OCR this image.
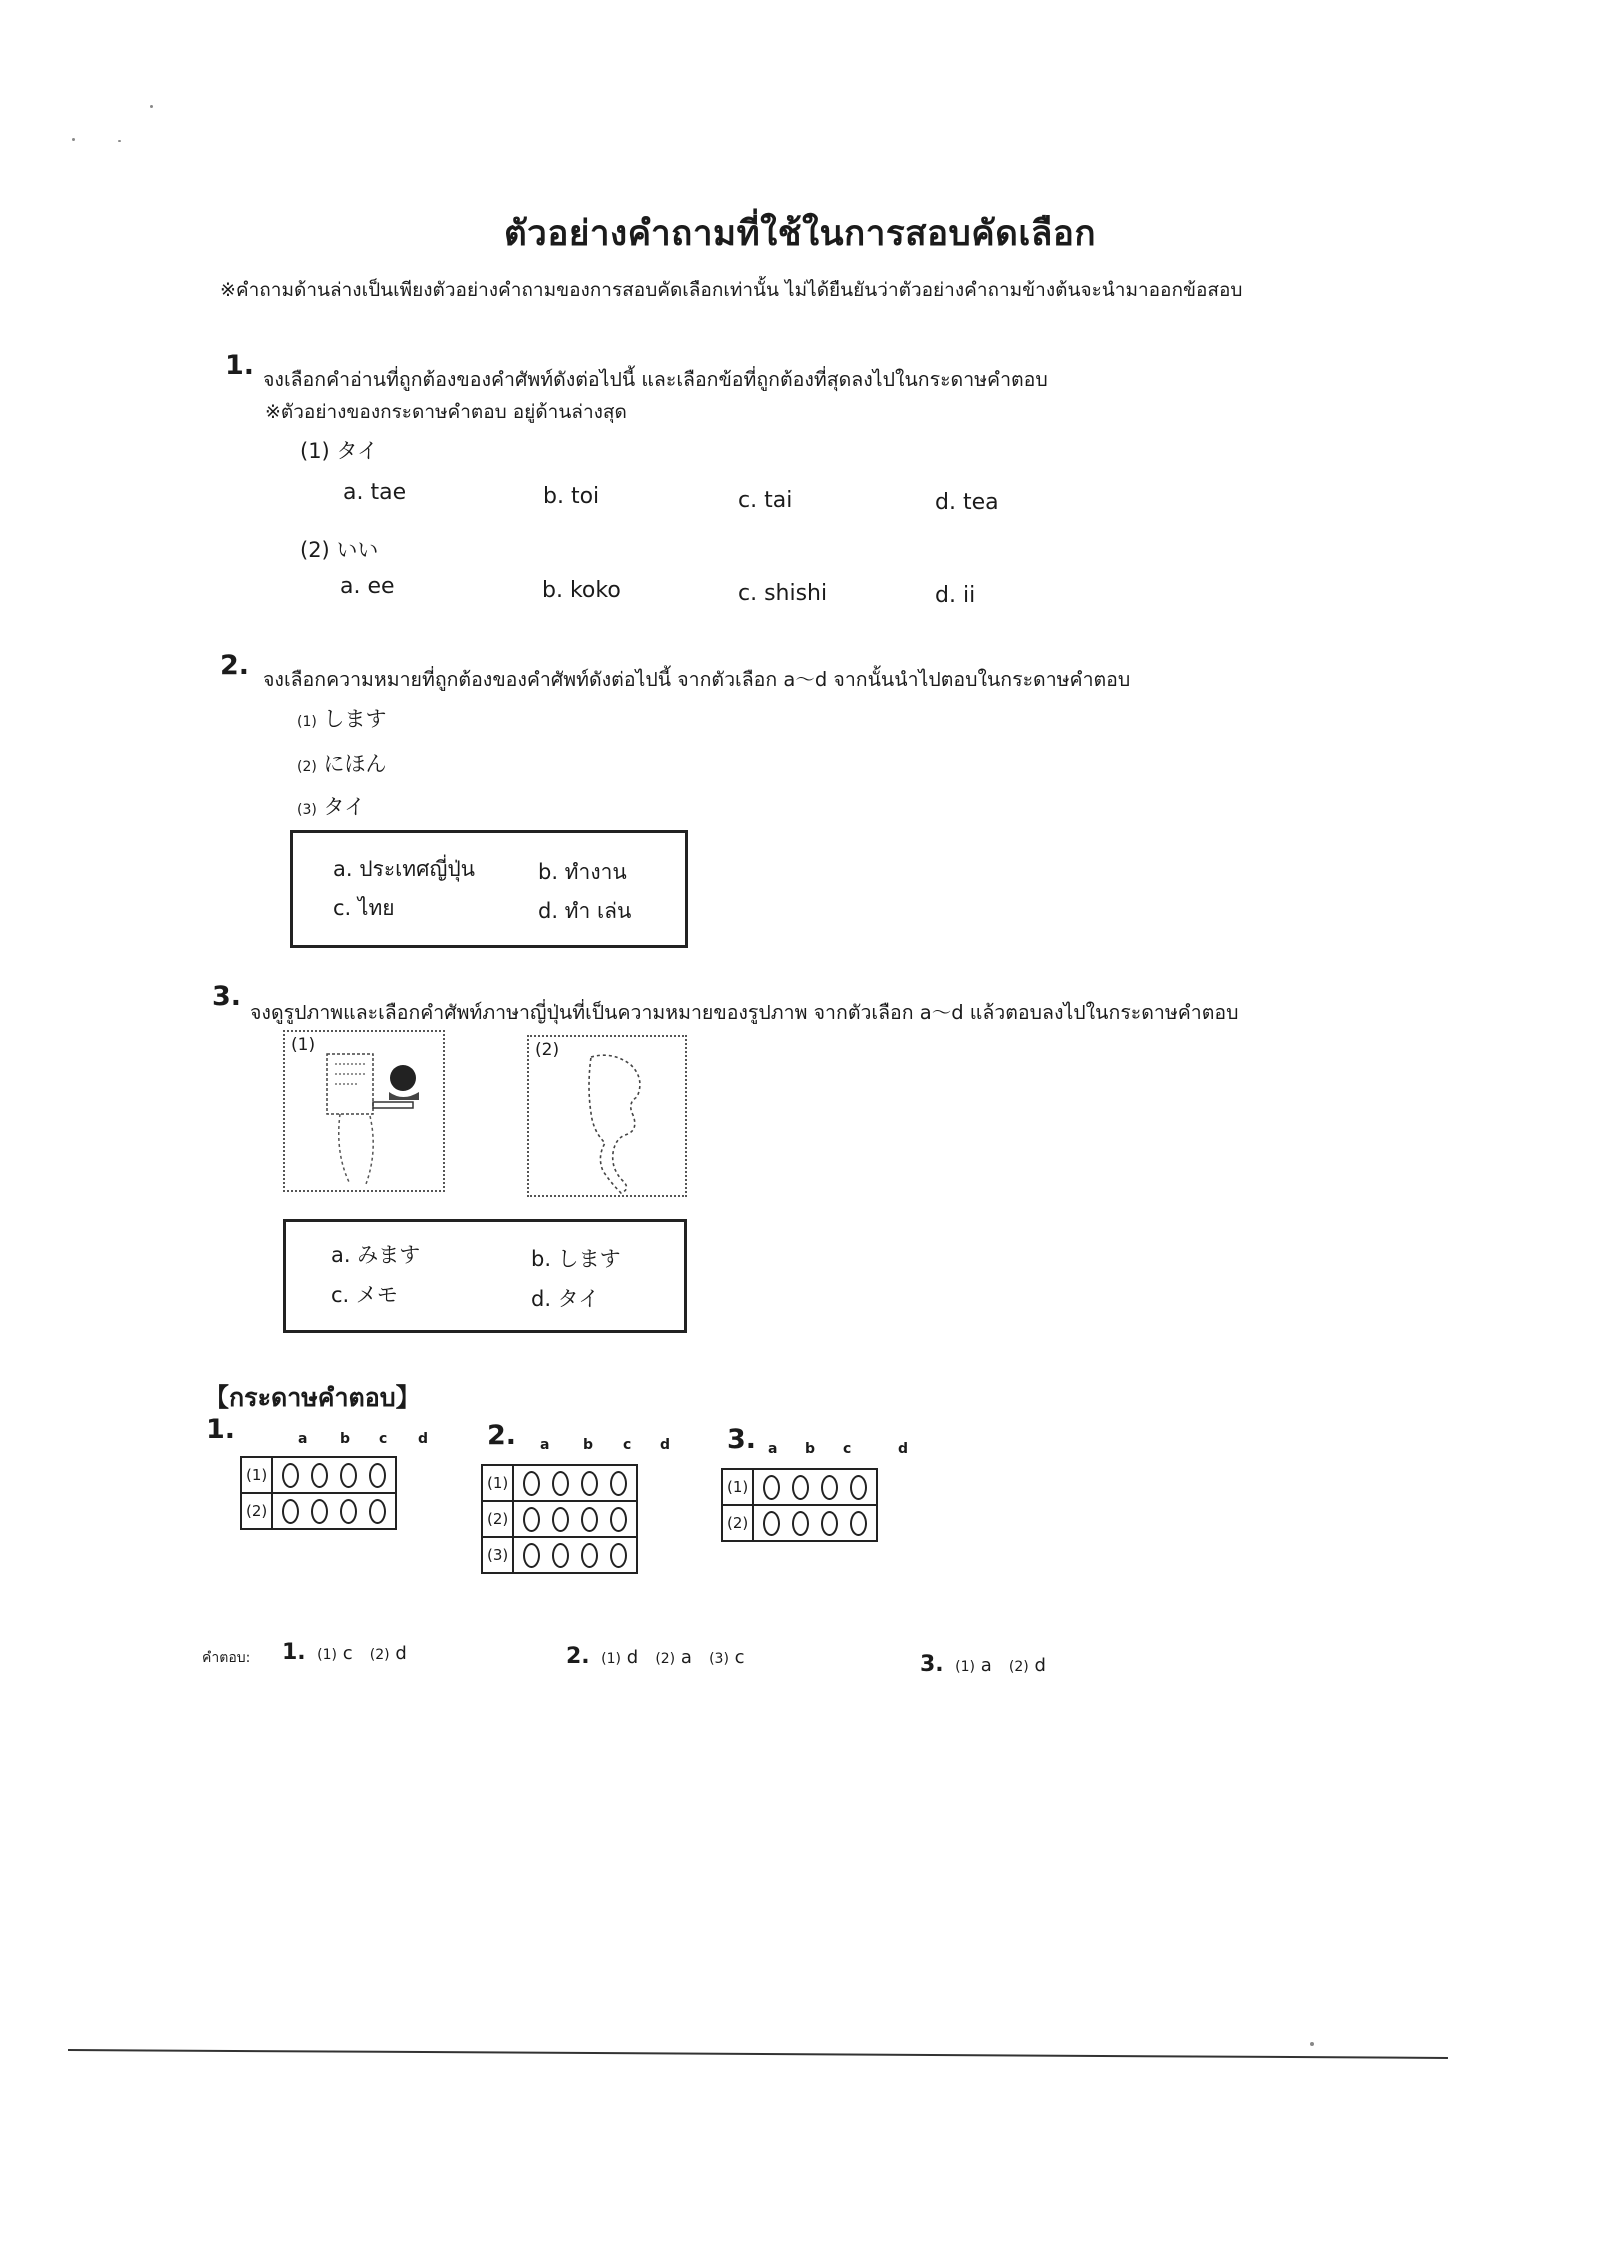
ตัวอย่างคำถามที่ใช้ในการสอบคัดเลือก
※คำถามด้านล่างเป็นเพียงตัวอย่างคำถามของการสอบคัดเลือกเท่านั้น ไม่ได้ยืนยันว่าตัวอย่างคำถามข้างต้นจะนำมาออกข้อสอบ
1. จงเลือกคำอ่านที่ถูกต้องของคำศัพท์ดังต่อไปนี้ และเลือกข้อที่ถูกต้องที่สุดลงไปในกระดาษคำตอบ
※ตัวอย่างของกระดาษคำตอบ อยู่ด้านล่างสุด
(1) タイ
a. tae	b. toi	c. tai	d. tea
(2) いい
a. ee	b. koko	c. shishi	d. ii
2. จงเลือกความหมายที่ถูกต้องของคำศัพท์ดังต่อไปนี้ จากตัวเลือก a～d จากนั้นนำไปตอบในกระดาษคำตอบ
(1) します
(2) にほん
(3) タイ
a. ประเทศญี่ปุ่น	b. ทำงาน
c. ไทย	d. ทำ เล่น
3.
จงดูรูปภาพและเลือกคำศัพท์ภาษาญี่ปุ่นที่เป็นความหมายของรูปภาพ จากตัวเลือก a～d แล้วตอบลงไปในกระดาษคำตอบ
(1)	(2)
a. みます	b. します
c. メモ	d. タイ
【กระดาษคำตอบ】
1.	a b c d
(1)	
(2)	
2. a b c d
(1)	
(2)	
(3)	
3. a b c	d
(1)	
(2)	
คำตอบ: 1. (1) c (2) d	2. (1) d (2) a (3) c	3. (1) a (2) d
